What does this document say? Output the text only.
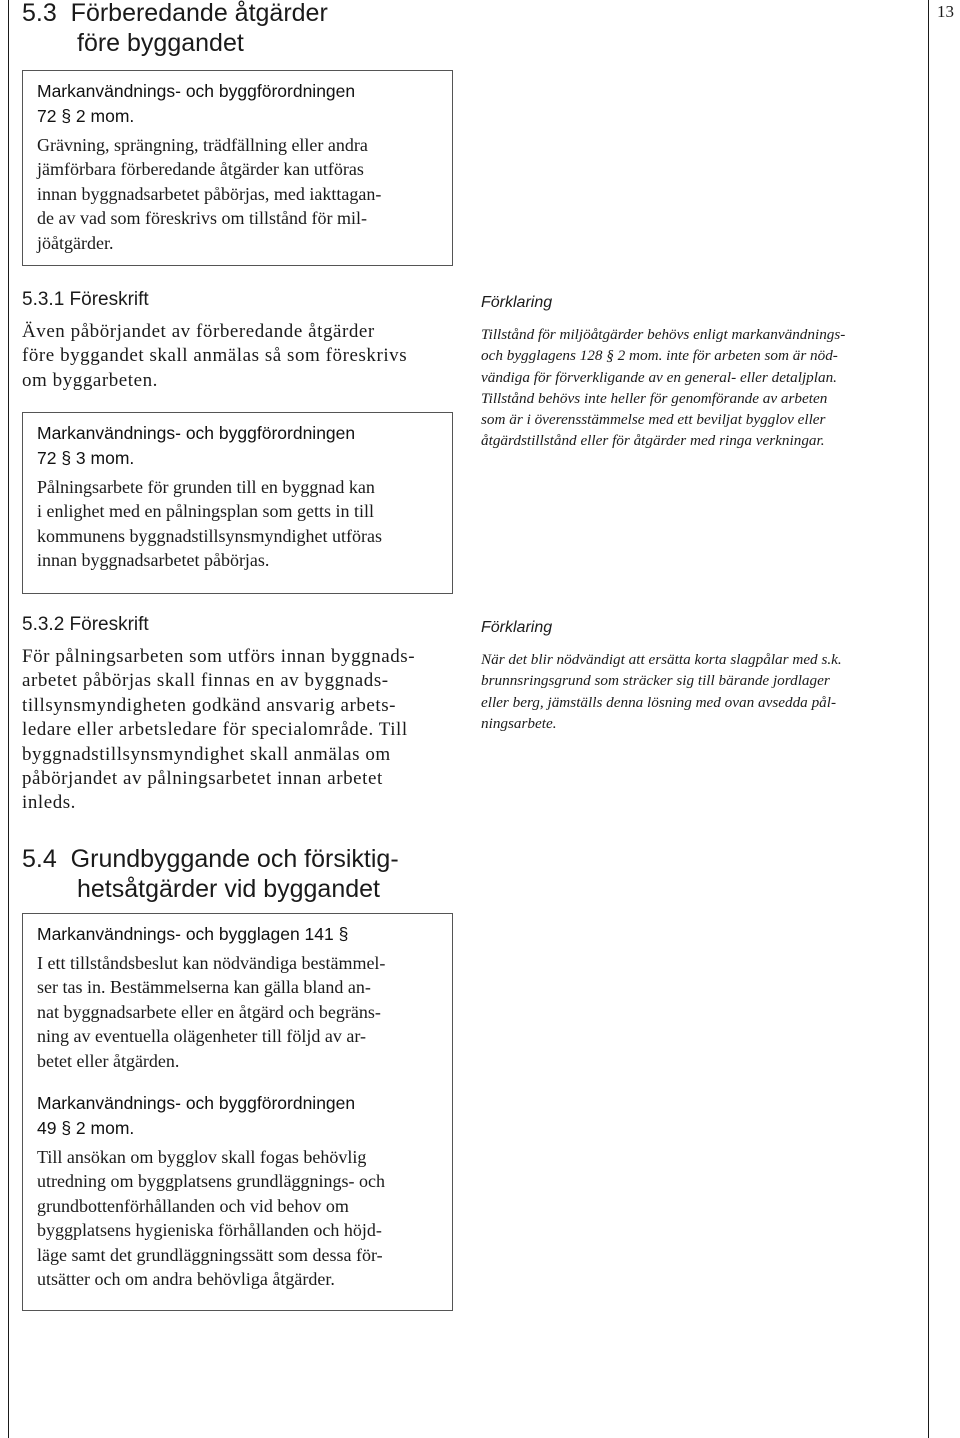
13
5.3 Förberedande åtgärder
före byggandet
Markanvändnings- och byggförordningen
72 § 2 mom.

Grävning, sprängning, trädfällning eller andra
jämförbara förberedande åtgärder kan utföras
innan byggnadsarbetet påbörjas, med iakttagan-
de av vad som föreskrivs om tillstånd för mil-
jöåtgärder.

5.3.1 Föreskrift

Även påbörjandet av förberedande åtgärder
före byggandet skall anmälas så som föreskrivs
om byggarbeten.

Markanvändnings- och byggförordningen
72 § 3 mom.

Pålningsarbete för grunden till en byggnad kan
i enlighet med en pålningsplan som getts in till
kommunens byggnadstillsynsmyndighet utföras
innan byggnadsarbetet påbörjas.

Förklaring

Tillstånd för miljöåtgärder behövs enligt markanvändnings-
och bygglagens 128 § 2 mom. inte för arbeten som är nöd-
vändiga för förverkligande av en general- eller detaljplan.
Tillstånd behövs inte heller för genomförande av arbeten
som är i överensstämmelse med ett beviljat bygglov eller
åtgärdstillstånd eller för åtgärder med ringa verkningar.

5.3.2 Föreskrift

För pålningsarbeten som utförs innan byggnads-
arbetet påbörjas skall finnas en av byggnads-
tillsynsmyndigheten godkänd ansvarig arbets-
ledare eller arbetsledare för specialområde. Till
byggnadstillsynsmyndighet skall anmälas om
påbörjandet av pålningsarbetet innan arbetet
inleds.

Förklaring

När det blir nödvändigt att ersätta korta slagpålar med s.k.
brunnsringsgrund som sträcker sig till bärande jordlager
eller berg, jämställs denna lösning med ovan avsedda pål-
ningsarbete.

5.4 Grundbyggande och försiktig-
hetsåtgärder vid byggandet
Markanvändnings- och bygglagen 141 §

I ett tillståndsbeslut kan nödvändiga bestämmel-
ser tas in. Bestämmelserna kan gälla bland an-
nat byggnadsarbete eller en åtgärd och begräns-
ning av eventuella olägenheter till följd av ar-
betet eller åtgärden.

Markanvändnings- och byggförordningen
49 § 2 mom.

Till ansökan om bygglov skall fogas behövlig
utredning om byggplatsens grundläggnings- och
grundbottenförhållanden och vid behov om
byggplatsens hygieniska förhållanden och höjd-
läge samt det grundläggningssätt som dessa för-
utsätter och om andra behövliga åtgärder.
